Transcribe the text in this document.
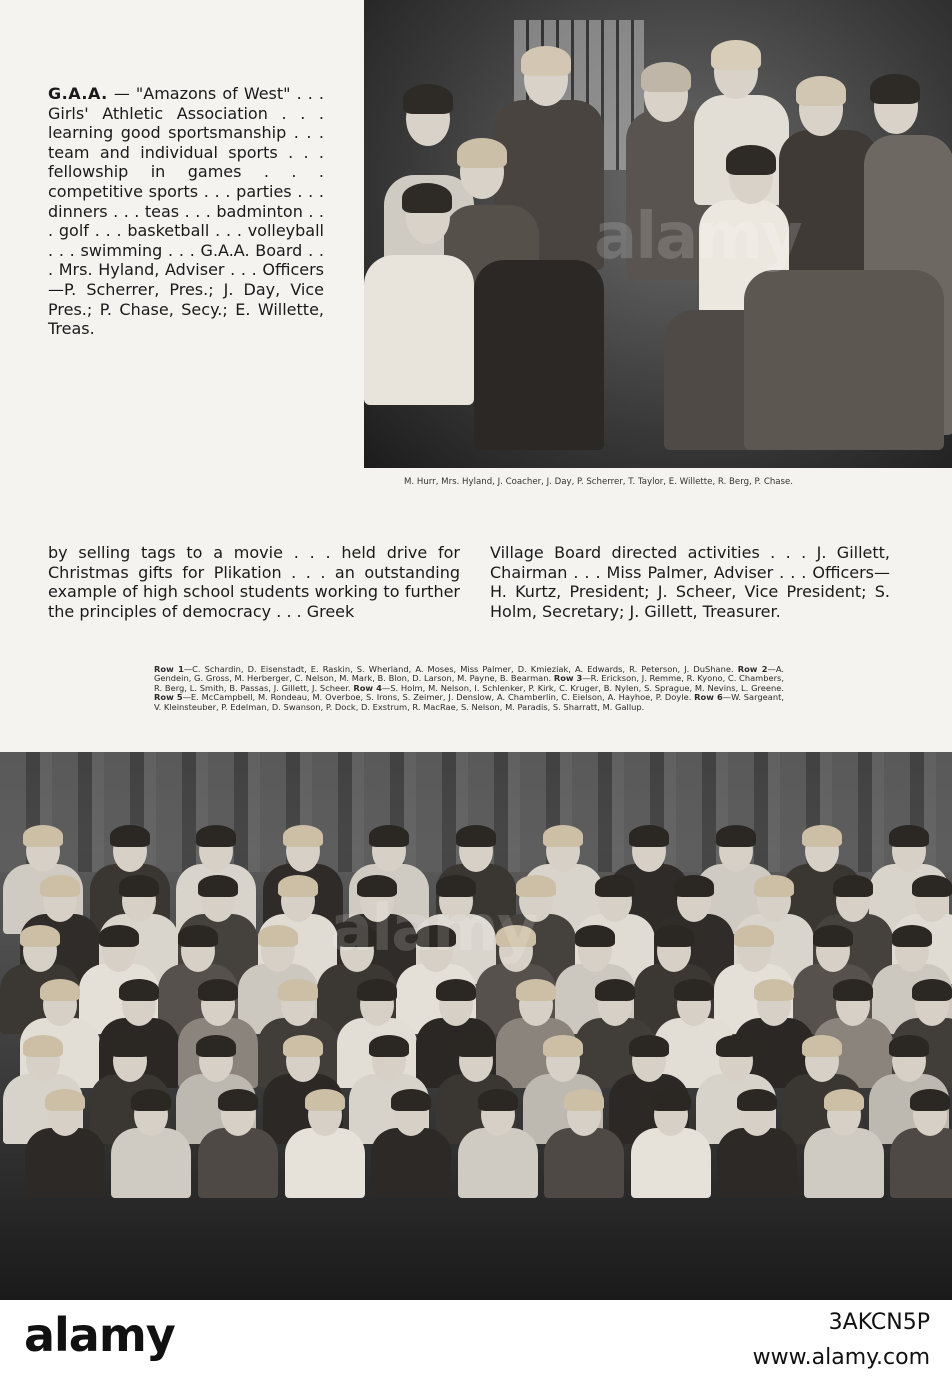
G.A.A. — "Amazons of West" . . . Girls' Athletic Association . . . learning good sportsmanship . . . team and individual sports . . . fellowship in games . . . competitive sports . . . parties . . . dinners . . . teas . . . badminton . . . golf . . . basketball . . . volleyball . . . swimming . . . G.A.A. Board . . . Mrs. Hyland, Adviser . . . Officers—P. Scherrer, Pres.; J. Day, Vice Pres.; P. Chase, Secy.; E. Willette, Treas.
alamy
M. Hurr, Mrs. Hyland, J. Coacher, J. Day, P. Scherrer, T. Taylor, E. Willette, R. Berg, P. Chase.
by selling tags to a movie . . . held drive for Christmas gifts for Plikation . . . an outstanding example of high school students working to further the principles of democracy . . . Greek
Village Board directed activities . . . J. Gillett, Chairman . . . Miss Palmer, Adviser . . . Officers—H. Kurtz, President; J. Scheer, Vice President; S. Holm, Secretary; J. Gillett, Treasurer.
Row 1—C. Schardin, D. Eisenstadt, E. Raskin, S. Wherland, A. Moses, Miss Palmer, D. Kmieziak, A. Edwards, R. Peterson, J. DuShane. Row 2—A. Gendein, G. Gross, M. Herberger, C. Nelson, M. Mark, B. Blon, D. Larson, M. Payne, B. Bearman. Row 3—R. Erickson, J. Remme, R. Kyono, C. Chambers, R. Berg, L. Smith, B. Passas, J. Gillett, J. Scheer. Row 4—S. Holm, M. Nelson, I. Schlenker, P. Kirk, C. Kruger, B. Nylen, S. Sprague, M. Nevins, L. Greene. Row 5—E. McCampbell, M. Rondeau, M. Overboe, S. Irons, S. Zeimer, J. Denslow, A. Chamberlin, C. Eielson, A. Hayhoe, P. Doyle. Row 6—W. Sargeant, V. Kleinsteuber, P. Edelman, D. Swanson, P. Dock, D. Exstrum, R. MacRae, S. Nelson, M. Paradis, S. Sharratt, M. Gallup.
alamy
alamy	3AKCN5P
www.alamy.com
